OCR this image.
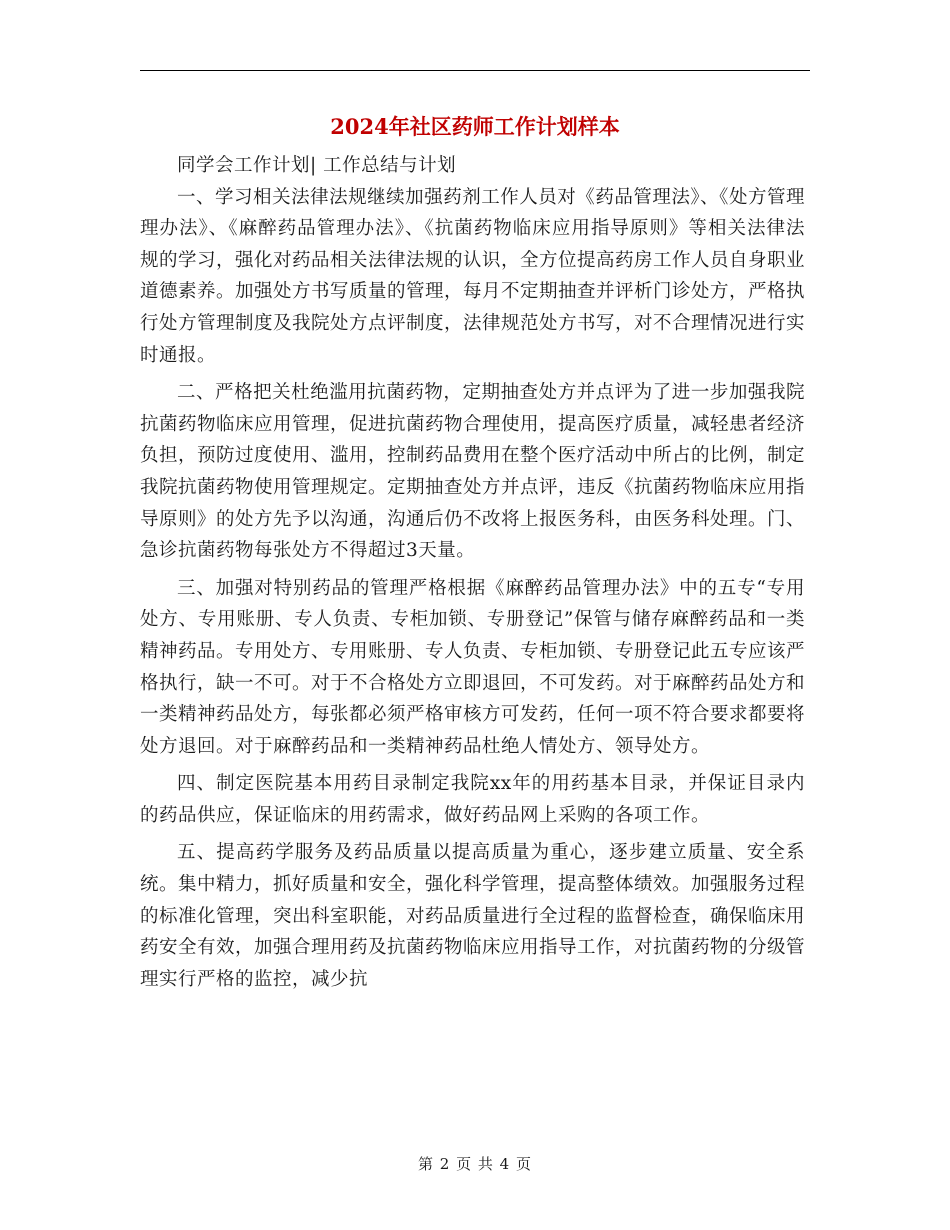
2024年社区药师工作计划样本

同学会工作计划| 工作总结与计划

一、学习相关法律法规继续加强药剂工作人员对《药品管理法》、《处方管理理办法》、《麻醉药品管理办法》、《抗菌药物临床应用指导原则》等相关法律法规的学习，强化对药品相关法律法规的认识，全方位提高药房工作人员自身职业道德素养。加强处方书写质量的管理，每月不定期抽查并评析门诊处方，严格执行处方管理制度及我院处方点评制度，法律规范处方书写，对不合理情况进行实时通报。

二、严格把关杜绝滥用抗菌药物，定期抽查处方并点评为了进一步加强我院抗菌药物临床应用管理，促进抗菌药物合理使用，提高医疗质量，减轻患者经济负担，预防过度使用、滥用，控制药品费用在整个医疗活动中所占的比例，制定我院抗菌药物使用管理规定。定期抽查处方并点评，违反《抗菌药物临床应用指导原则》的处方先予以沟通，沟通后仍不改将上报医务科，由医务科处理。门、急诊抗菌药物每张处方不得超过3天量。

三、加强对特别药品的管理严格根据《麻醉药品管理办法》中的五专“专用处方、专用账册、专人负责、专柜加锁、专册登记”保管与储存麻醉药品和一类精神药品。专用处方、专用账册、专人负责、专柜加锁、专册登记此五专应该严格执行，缺一不可。对于不合格处方立即退回，不可发药。对于麻醉药品处方和一类精神药品处方，每张都必须严格审核方可发药，任何一项不符合要求都要将处方退回。对于麻醉药品和一类精神药品杜绝人情处方、领导处方。

四、制定医院基本用药目录制定我院xx年的用药基本目录，并保证目录内的药品供应，保证临床的用药需求，做好药品网上采购的各项工作。

五、提高药学服务及药品质量以提高质量为重心，逐步建立质量、安全系统。集中精力，抓好质量和安全，强化科学管理，提高整体绩效。加强服务过程的标准化管理，突出科室职能，对药品质量进行全过程的监督检查，确保临床用药安全有效，加强合理用药及抗菌药物临床应用指导工作，对抗菌药物的分级管理实行严格的监控，减少抗

第 2 页 共 4 页
